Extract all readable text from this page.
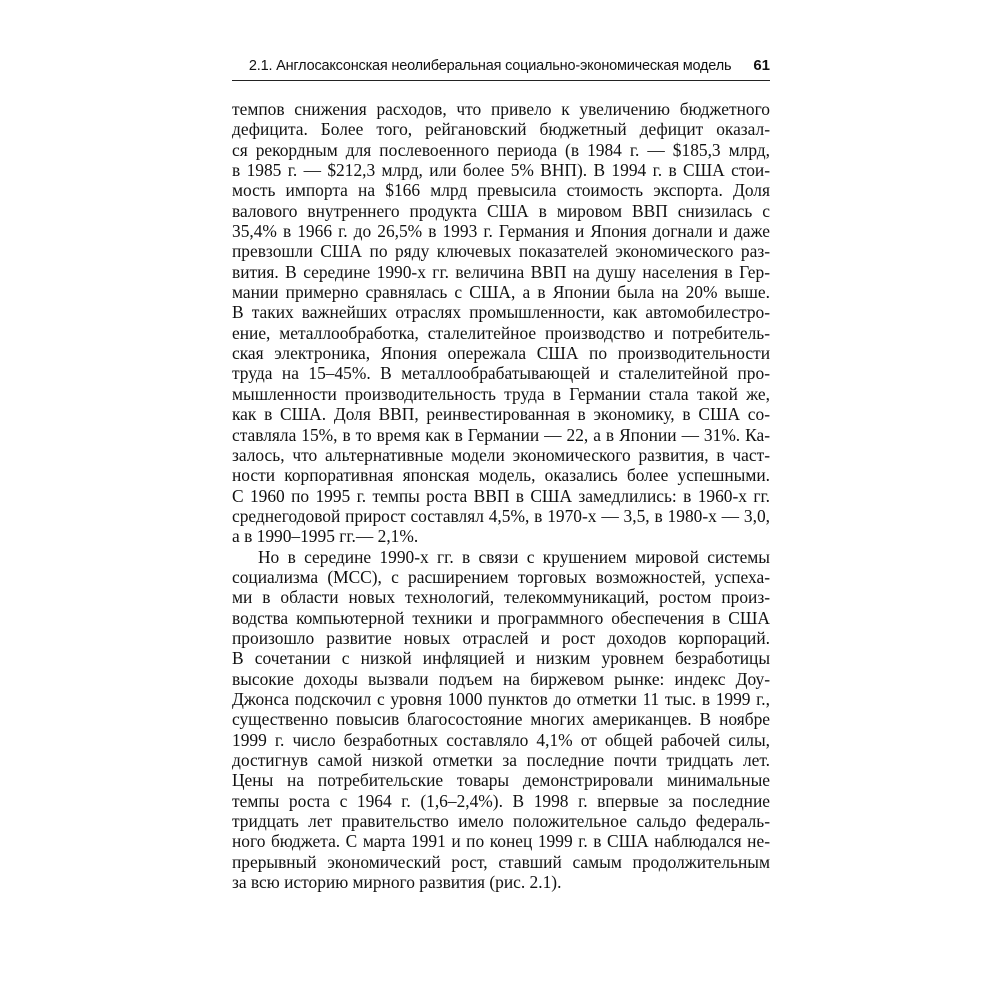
2.1. Англосаксонская неолиберальная социально-экономическая модель 61
темпов снижения расходов, что привело к увеличению бюджетного
дефицита. Более того, рейгановский бюджетный дефицит оказал-
ся рекордным для послевоенного периода (в 1984 г. — $185,3 млрд,
в 1985 г. — $212,3 млрд, или более 5% ВНП). В 1994 г. в США стои-
мость импорта на $166 млрд превысила стоимость экспорта. Доля
валового внутреннего продукта США в мировом ВВП снизилась с
35,4% в 1966 г. до 26,5% в 1993 г. Германия и Япония догнали и даже
превзошли США по ряду ключевых показателей экономического раз-
вития. В середине 1990-х гг. величина ВВП на душу населения в Гер-
мании примерно сравнялась с США, а в Японии была на 20% выше.
В таких важнейших отраслях промышленности, как автомобилестро-
ение, металлообработка, сталелитейное производство и потребитель-
ская электроника, Япония опережала США по производительности
труда на 15–45%. В металлообрабатывающей и сталелитейной про-
мышленности производительность труда в Германии стала такой же,
как в США. Доля ВВП, реинвестированная в экономику, в США со-
ставляла 15%, в то время как в Германии — 22, а в Японии — 31%. Ка-
залось, что альтернативные модели экономического развития, в част-
ности корпоративная японская модель, оказались более успешными.
С 1960 по 1995 г. темпы роста ВВП в США замедлились: в 1960-х гг.
среднегодовой прирост составлял 4,5%, в 1970-х — 3,5, в 1980-х — 3,0,
а в 1990–1995 гг.— 2,1%.
Но в середине 1990-х гг. в связи с крушением мировой системы
социализма (МСС), с расширением торговых возможностей, успеха-
ми в области новых технологий, телекоммуникаций, ростом произ-
водства компьютерной техники и программного обеспечения в США
произошло развитие новых отраслей и рост доходов корпораций.
В сочетании с низкой инфляцией и низким уровнем безработицы
высокие доходы вызвали подъем на биржевом рынке: индекс Доу-
Джонса подскочил с уровня 1000 пунктов до отметки 11 тыс. в 1999 г.,
существенно повысив благосостояние многих американцев. В ноябре
1999 г. число безработных составляло 4,1% от общей рабочей силы,
достигнув самой низкой отметки за последние почти тридцать лет.
Цены на потребительские товары демонстрировали минимальные
темпы роста с 1964 г. (1,6–2,4%). В 1998 г. впервые за последние
тридцать лет правительство имело положительное сальдо федераль-
ного бюджета. С марта 1991 и по конец 1999 г. в США наблюдался не-
прерывный экономический рост, ставший самым продолжительным
за всю историю мирного развития (рис. 2.1).
